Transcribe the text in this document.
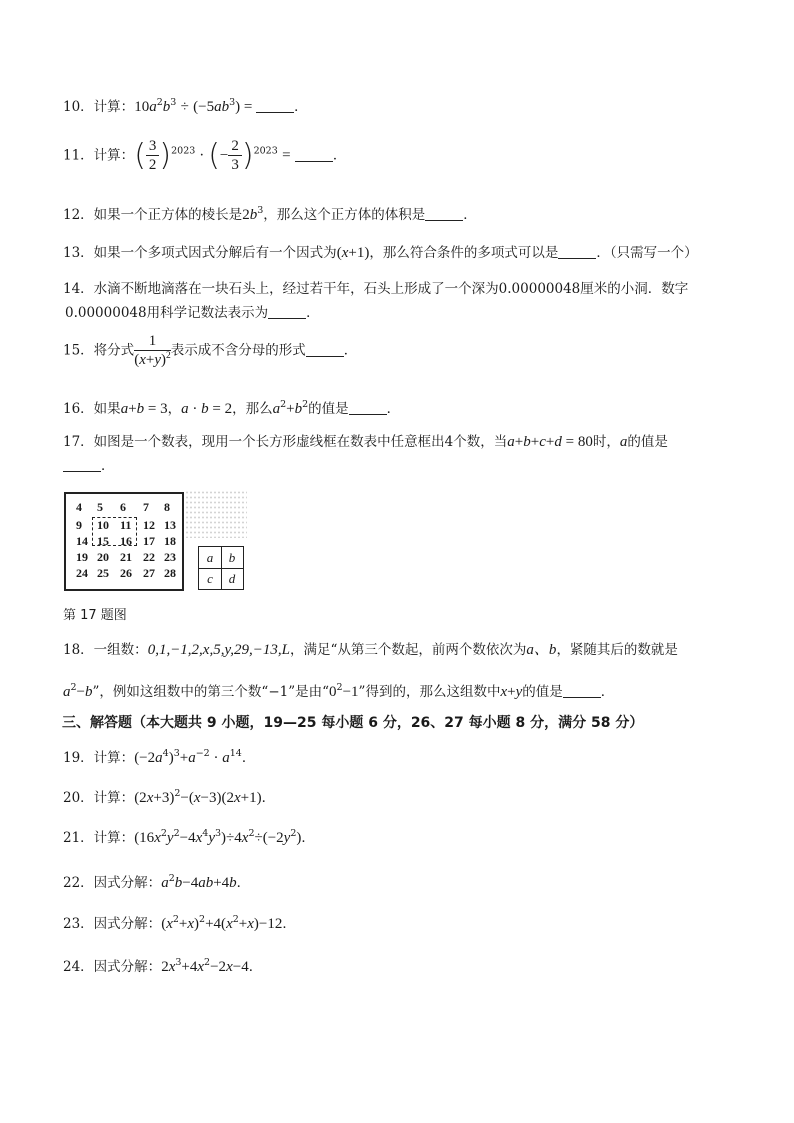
10．计算：$10a^2b^3 \div (-5ab^3)$ =	．
11．计算：( $\frac{3}{2} )^{2023}$ · (− $\frac{2}{3} )^{2023}$ =	．
12．如果一个正方体的棱长是$2b^3$，那么这个正方体的体积是	．
13．如果一个多项式因式分解后有一个因式为(x+1)，那么符合条件的多项式可以是	．（只需写一个）
14．水滴不断地滴落在一块石头上，经过若干年，石头上形成了一个深为0.00000048厘米的小洞．数字
0.00000048用科学记数法表示为	．
15．将分式 $\frac{1}{(x+y)^2}$ 表示成不含分母的形式	．
16．如果a+b = 3，a · b = 2，那么$a^2+b^2$的值是	．
17．如图是一个数表，现用一个长方形虚线框在数表中任意框出4个数，当a+b+c+d = 80时，a的值是
．
4 5 6 7 8
9 10 11 12 13
14 15 16 17 18
19 20 21 22 23
24 25 26 27 28
a	b
c	d
第 17 题图
18．一组数：0,1,−1,2,x,5,y,29,−13,L，满足“从第三个数起，前两个数依次为a、b，紧随其后的数就是
$a^2-b$”，例如这组数中的第三个数“−1”是由“$0^2-1$”得到的，那么这组数中x+y的值是	．
三、解答题（本大题共 9 小题，19—25 每小题 6 分，26、27 每小题 8 分，满分 58 分）
19．计算：$(-2a^4)^3+a^{-2} \cdot a^{14}$．
20．计算：$(2x+3)^2-(x-3)(2x+1)$．
21．计算：$(16x^2y^2-4x^4y^3)\div 4x^2\div(-2y^2)$．
22．因式分解：$a^2b-4ab+4b$．
23．因式分解：$(x^2+x)^2+4(x^2+x)-12$．
24．因式分解：$2x^3+4x^2-2x-4$．
